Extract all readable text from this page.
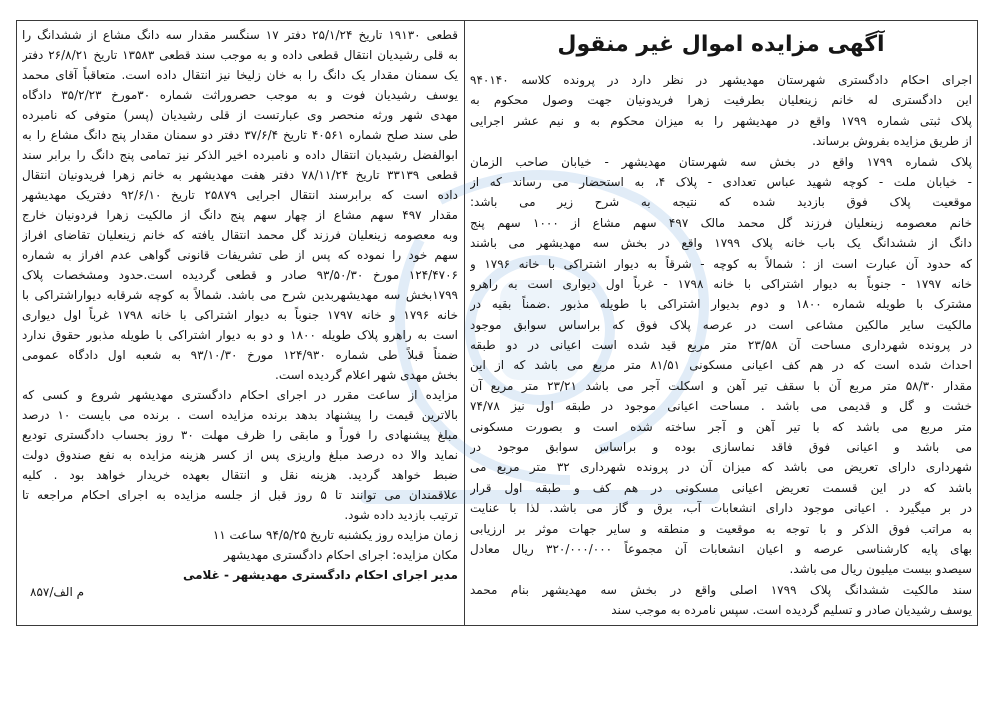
آگهی مزایده اموال غیر منقول
اجرای احکام دادگستری شهرستان مهدیشهر در نظر دارد در پرونده کلاسه ۹۴۰۱۴۰
این دادگستری له خانم زینعلیان بطرفیت زهرا فریدونیان جهت وصول محکوم به
پلاک ثبتی شماره ۱۷۹۹ واقع در مهدیشهر را به میزان محکوم به و نیم عشر اجرایی
از طریق مزایده بفروش برساند.
پلاک شماره ۱۷۹۹ واقع در بخش سه شهرستان مهدیشهر - خیابان صاحب الزمان
- خیابان ملت - کوچه شهید عباس تعدادی - پلاک ۴، به استحضار می رساند که از
موقعیت پلاک فوق بازدید شده که نتیجه به شرح زیر می باشد:
خانم معصومه زینعلیان فرزند گل محمد مالک ۴۹۷ سهم مشاع از ۱۰۰۰ سهم پنج
دانگ از ششدانگ یک باب خانه پلاک ۱۷۹۹ واقع در بخش سه مهدیشهر می باشند
که حدود آن عبارت است از : شمالاً به کوچه - شرقاً به دیوار اشتراکی با خانه ۱۷۹۶ و
خانه ۱۷۹۷ - جنوباً به دیوار اشتراکی با خانه ۱۷۹۸ - غرباً اول دیواری است به راهرو
مشترک با طویله شماره ۱۸۰۰ و دوم بدیوار اشتراکی با طویله مذبور .ضمناً بقیه در
مالکیت سایر مالکین مشاعی است در عرصه پلاک فوق که براساس سوابق موجود
در پرونده شهرداری مساحت آن ۲۳/۵۸ متر مربع قید شده است اعیانی در دو طبقه
احداث شده است که در هم کف اعیانی مسکونی ۸۱/۵۱ متر مربع می باشد که از این
مقدار ۵۸/۳۰ متر مربع آن با سقف تیر آهن و اسکلت آجر می باشد ۲۳/۲۱ متر مربع آن
خشت و گل و قدیمی می باشد . مساحت اعیانی موجود در طبقه اول نیز ۷۴/۷۸
متر مربع می باشد که با تیر آهن و آجر ساخته شده است و بصورت مسکونی
می باشد و اعیانی فوق فاقد نماسازی بوده و براساس سوابق موجود در
شهرداری دارای تعریض می باشد که میزان آن در پرونده شهرداری ۳۲ متر مربع می
باشد که در این قسمت تعریض اعیانی مسکونی در هم کف و طبقه اول قرار
در بر میگیرد . اعیانی موجود دارای انشعابات آب، برق و گاز می باشد. لذا با عنایت
به مراتب فوق الذکر و با توجه به موقعیت و منطقه و سایر جهات موثر بر ارزیابی
بهای پایه کارشناسی عرصه و اعیان انشعابات آن مجموعاً ۳۲۰/۰۰۰/۰۰۰ ریال معادل
سیصدو بیست میلیون ریال می باشد.
سند مالکیت ششدانگ پلاک ۱۷۹۹ اصلی واقع در بخش سه مهدیشهر بنام محمد
یوسف رشیدیان صادر و تسلیم گردیده است. سپس نامرده به موجب سند
قطعی ۱۹۱۳۰ تاریخ ۲۵/۱/۲۴ دفتر ۱۷ سنگسر مقدار سه دانگ مشاع از ششدانگ را
به قلی رشیدیان انتقال قطعی داده و به موجب سند قطعی ۱۳۵۸۳ تاریخ ۲۶/۸/۲۱ دفتر
یک سمنان مقدار یک دانگ را به خان زلیخا نیز انتقال داده است. متعاقباً آقای محمد
یوسف رشیدیان فوت و به موجب حصروراثت شماره ۳۰مورخ ۳۵/۲/۲۳ دادگاه
مهدی شهر ورثه منحصر وی عبارتست از قلی رشیدیان (پسر) متوفی که نامبرده
طی سند صلح شماره ۴۰۵۶۱ تاریخ ۳۷/۶/۴ دفتر دو سمنان مقدار پنج دانگ مشاع را به
ابوالفضل رشیدیان انتقال داده و نامبرده اخیر الذکر نیز تمامی پنج دانگ را برابر سند
قطعی ۳۳۱۳۹ تاریخ ۷۸/۱۱/۲۴ دفتر هفت مهدیشهر به خانم زهرا فریدونیان انتقال
داده است که برابرسند انتقال اجرایی ۲۵۸۷۹ تاریخ ۹۲/۶/۱۰ دفتریک مهدیشهر
مقدار ۴۹۷ سهم مشاع از چهار سهم پنج دانگ از مالکیت زهرا فردونیان خارج
وبه معصومه زینعلیان فرزند گل محمد انتقال یافته که خانم زینعلیان تقاضای افراز
سهم خود را نموده که پس از طی تشریفات قانونی گواهی عدم افراز به شماره
۱۲۴/۴۷۰۶ مورخ ۹۳/۵۰/۳۰ صادر و قطعی گردیده است.حدود ومشخصات پلاک
۱۷۹۹بخش سه مهدیشهربدین شرح می باشد. شمالاً به کوچه شرقابه دیواراشتراکی با
خانه ۱۷۹۶ و خانه ۱۷۹۷ جنوباً به دیوار اشتراکی با خانه ۱۷۹۸ غرباً اول دیواری
است به راهرو پلاک طویله ۱۸۰۰ و دو به دیوار اشتراکی با طویله مذبور حقوق ندارد
ضمناً قبلاً طی شماره ۱۲۴/۹۳۰ مورخ ۹۳/۱۰/۳۰ به شعبه اول دادگاه عمومی
بخش مهدی شهر اعلام گردیده است.
مزایده از ساعت مقرر در اجرای احکام دادگستری مهدیشهر شروع و کسی که
بالاترین قیمت را پیشنهاد بدهد برنده مزایده است . برنده می بایست ۱۰ درصد
مبلغ پیشنهادی را فوراً و مابقی را ظرف مهلت ۳۰ روز بحساب دادگستری تودیع
نماید والا ده درصد مبلغ واریزی پس از کسر هزینه مزایده به نفع صندوق دولت
ضبط خواهد گردید. هزینه نقل و انتقال بعهده خریدار خواهد بود . کلیه
علاقمندان می توانند تا ۵ روز قبل از جلسه مزایده به اجرای احکام مراجعه تا
ترتیب بازدید داده شود.
زمان مزایده روز یکشنبه تاریخ ۹۴/۵/۲۵ ساعت ۱۱
مکان مزایده: اجرای احکام دادگستری مهدیشهر
مدیر اجرای احکام دادگستری مهدیشهر - غلامی
م الف/۸۵۷
